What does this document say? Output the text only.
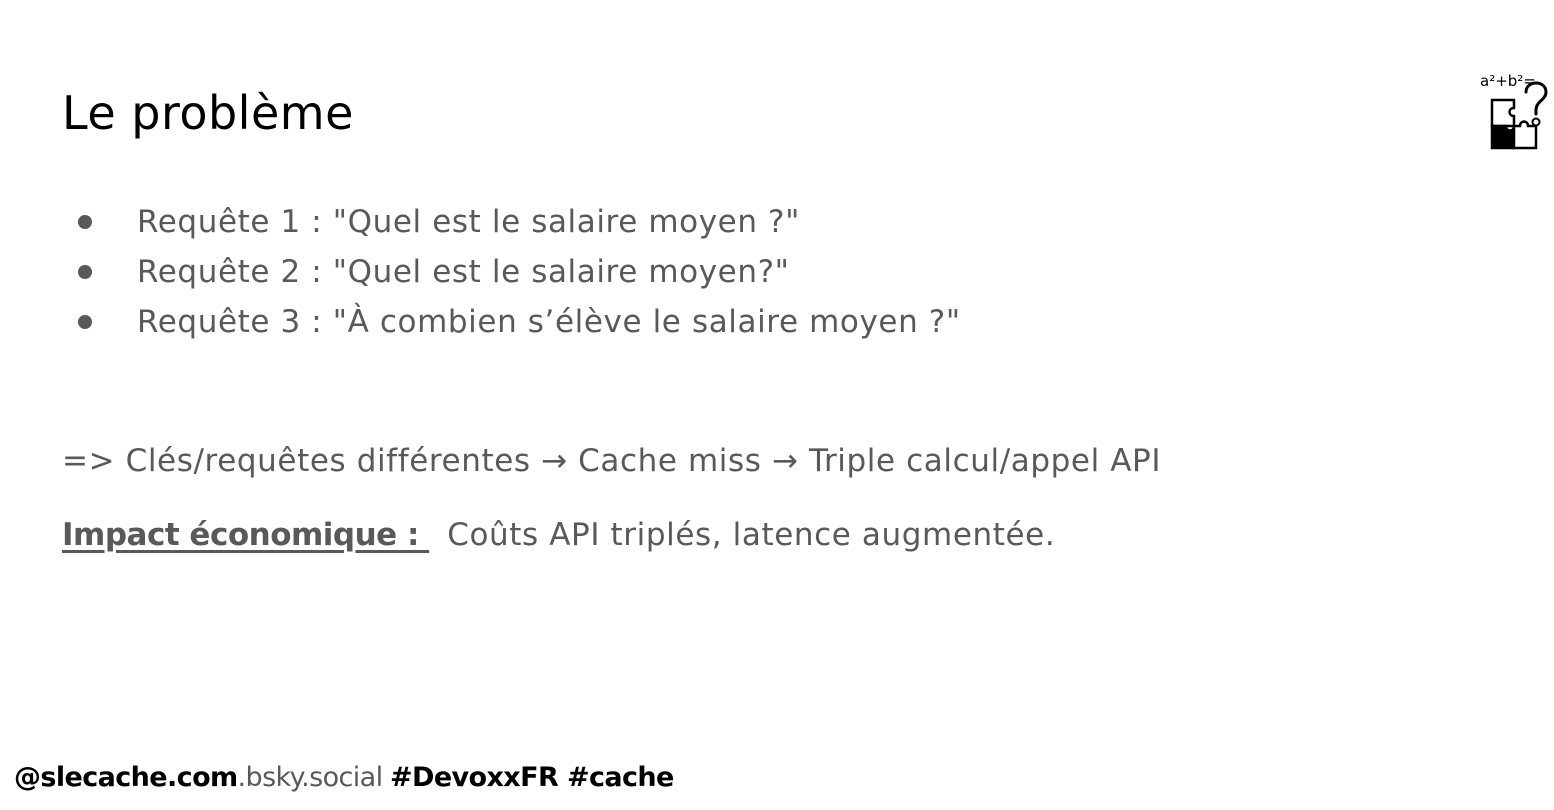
Le problème
a²+b²=
Requête 1 : "Quel est le salaire moyen ?"
Requête 2 : "Quel est le salaire moyen?"
Requête 3 : "À combien s’élève le salaire moyen ?"
=> Clés/requêtes différentes → Cache miss → Triple calcul/appel API
Impact économique : Coûts API triplés, latence augmentée.
@slecache.com.bsky.social #DevoxxFR #cache
